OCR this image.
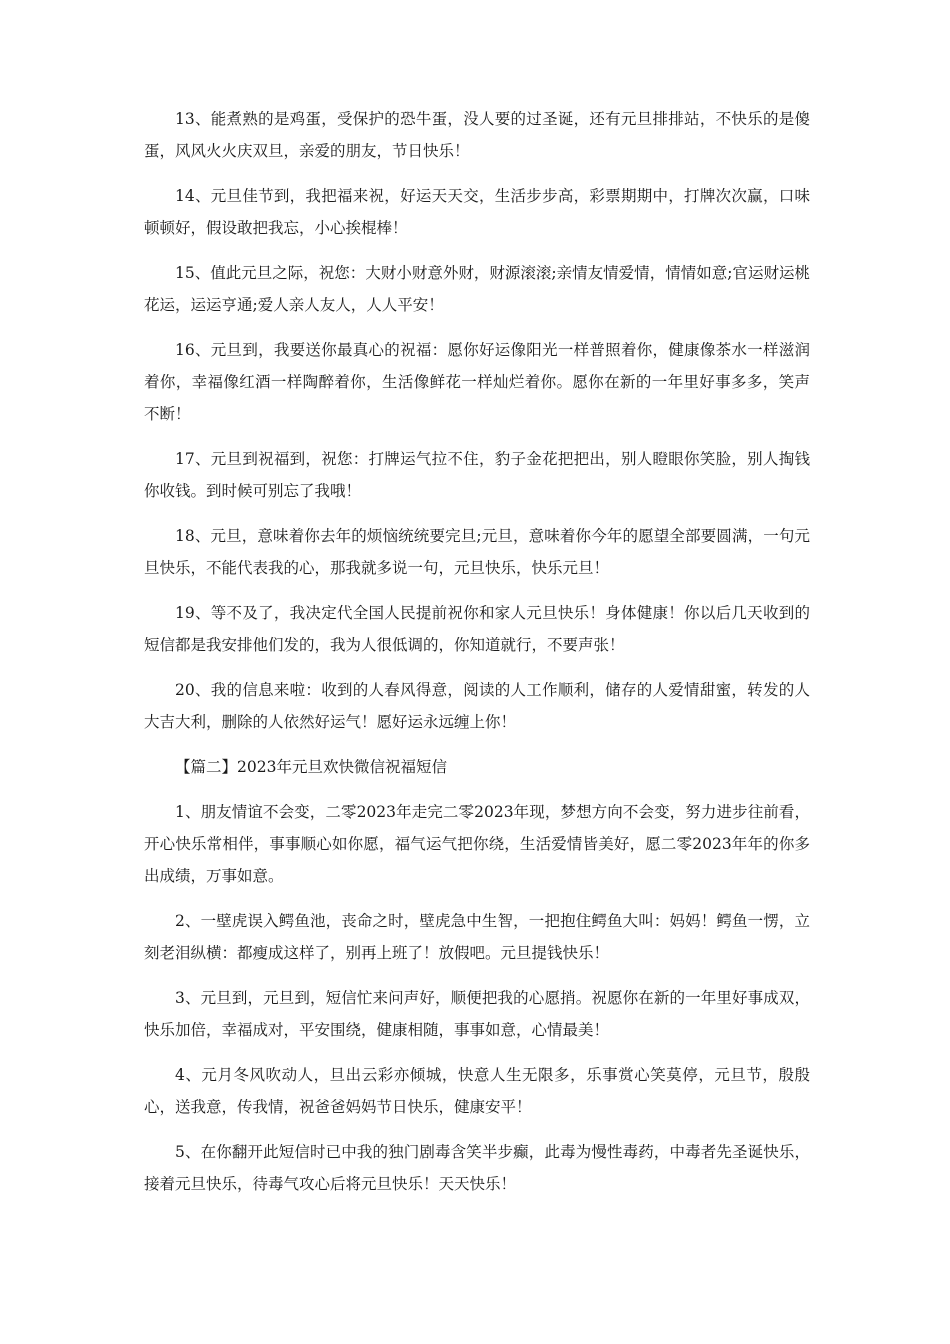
13、能煮熟的是鸡蛋，受保护的恐牛蛋，没人要的过圣诞，还有元旦排排站，不快乐的是傻蛋，风风火火庆双旦，亲爱的朋友，节日快乐！

14、元旦佳节到，我把福来祝，好运天天交，生活步步高，彩票期期中，打牌次次赢，口味顿顿好，假设敢把我忘，小心挨棍棒！

15、值此元旦之际，祝您：大财小财意外财，财源滚滚;亲情友情爱情，情情如意;官运财运桃花运，运运亨通;爱人亲人友人，人人平安！

16、元旦到，我要送你最真心的祝福：愿你好运像阳光一样普照着你，健康像茶水一样滋润着你，幸福像红酒一样陶醉着你，生活像鲜花一样灿烂着你。愿你在新的一年里好事多多，笑声不断！

17、元旦到祝福到，祝您：打牌运气拉不住，豹子金花把把出，别人瞪眼你笑脸，别人掏钱你收钱。到时候可别忘了我哦！

18、元旦，意味着你去年的烦恼统统要完旦;元旦，意味着你今年的愿望全部要圆满，一句元旦快乐，不能代表我的心，那我就多说一句，元旦快乐，快乐元旦！

19、等不及了，我决定代全国人民提前祝你和家人元旦快乐！身体健康！你以后几天收到的短信都是我安排他们发的，我为人很低调的，你知道就行，不要声张！

20、我的信息来啦：收到的人春风得意，阅读的人工作顺利，储存的人爱情甜蜜，转发的人大吉大利，删除的人依然好运气！愿好运永远缠上你！

【篇二】2023年元旦欢快微信祝福短信

1、朋友情谊不会变，二零2023年走完二零2023年现，梦想方向不会变，努力进步往前看，开心快乐常相伴，事事顺心如你愿，福气运气把你绕，生活爱情皆美好，愿二零2023年年的你多出成绩，万事如意。

2、一壁虎误入鳄鱼池，丧命之时，壁虎急中生智，一把抱住鳄鱼大叫：妈妈！鳄鱼一愣，立刻老泪纵横：都瘦成这样了，别再上班了！放假吧。元旦提钱快乐！

3、元旦到，元旦到，短信忙来问声好，顺便把我的心愿捎。祝愿你在新的一年里好事成双，快乐加倍，幸福成对，平安围绕，健康相随，事事如意，心情最美！

4、元月冬风吹动人，旦出云彩亦倾城，快意人生无限多，乐事赏心笑莫停，元旦节，殷殷心，送我意，传我情，祝爸爸妈妈节日快乐，健康安平！

5、在你翻开此短信时已中我的独门剧毒含笑半步癫，此毒为慢性毒药，中毒者先圣诞快乐，接着元旦快乐，待毒气攻心后将元旦快乐！天天快乐！
